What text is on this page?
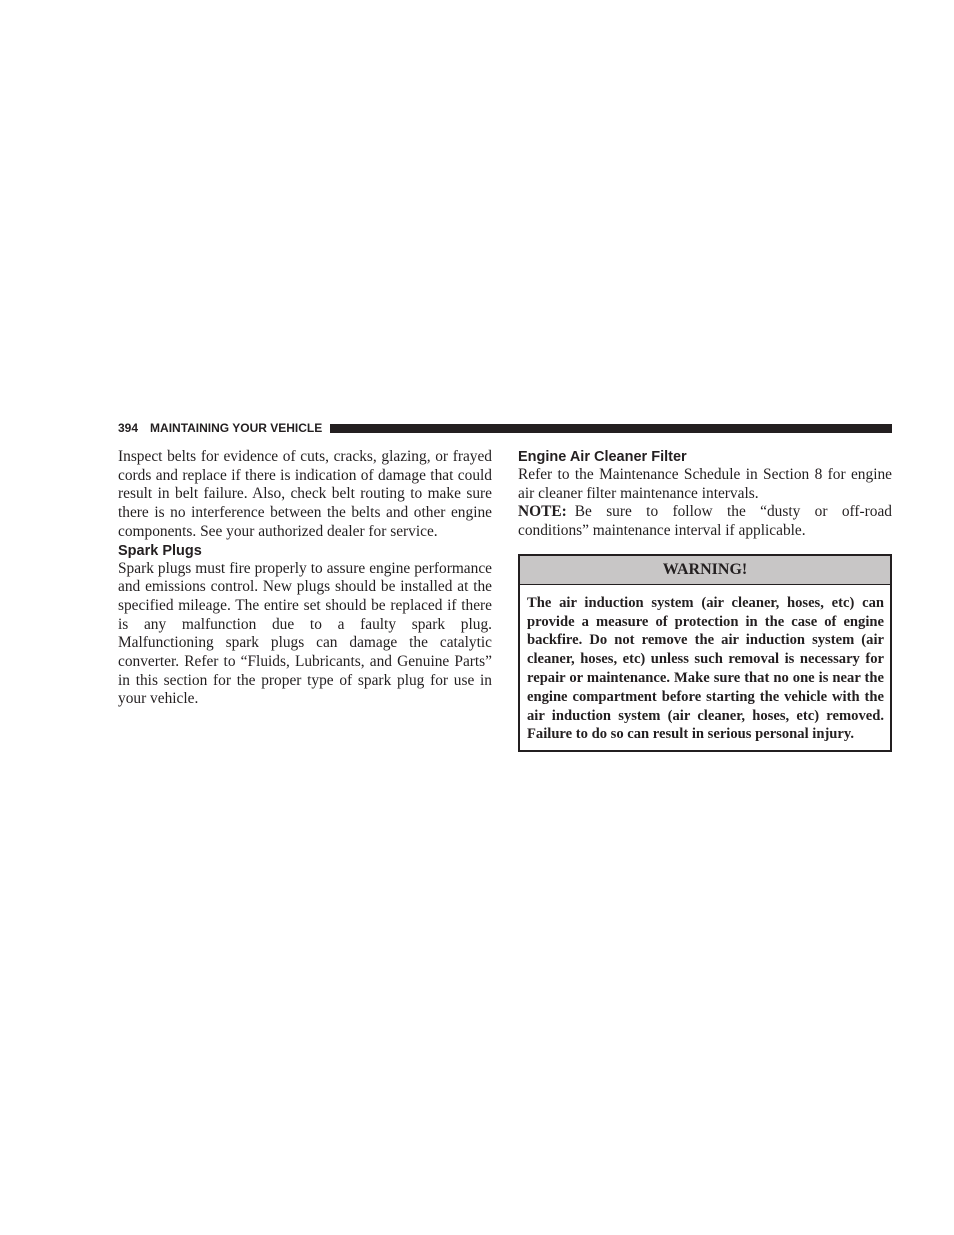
394 MAINTAINING YOUR VEHICLE

Inspect belts for evidence of cuts, cracks, glazing, or frayed cords and replace if there is indication of damage that could result in belt failure. Also, check belt routing to make sure there is no interference between the belts and other engine components. See your authorized dealer for service.

Spark Plugs

Spark plugs must fire properly to assure engine performance and emissions control. New plugs should be installed at the specified mileage. The entire set should be replaced if there is any malfunction due to a faulty spark plug. Malfunctioning spark plugs can damage the catalytic converter. Refer to “Fluids, Lubricants, and Genuine Parts” in this section for the proper type of spark plug for use in your vehicle.

Engine Air Cleaner Filter

Refer to the Maintenance Schedule in Section 8 for engine air cleaner filter maintenance intervals.

NOTE: Be sure to follow the “dusty or off-road conditions” maintenance interval if applicable.

WARNING!

The air induction system (air cleaner, hoses, etc) can provide a measure of protection in the case of engine backfire. Do not remove the air induction system (air cleaner, hoses, etc) unless such removal is necessary for repair or maintenance. Make sure that no one is near the engine compartment before starting the vehicle with the air induction system (air cleaner, hoses, etc) removed. Failure to do so can result in serious personal injury.
